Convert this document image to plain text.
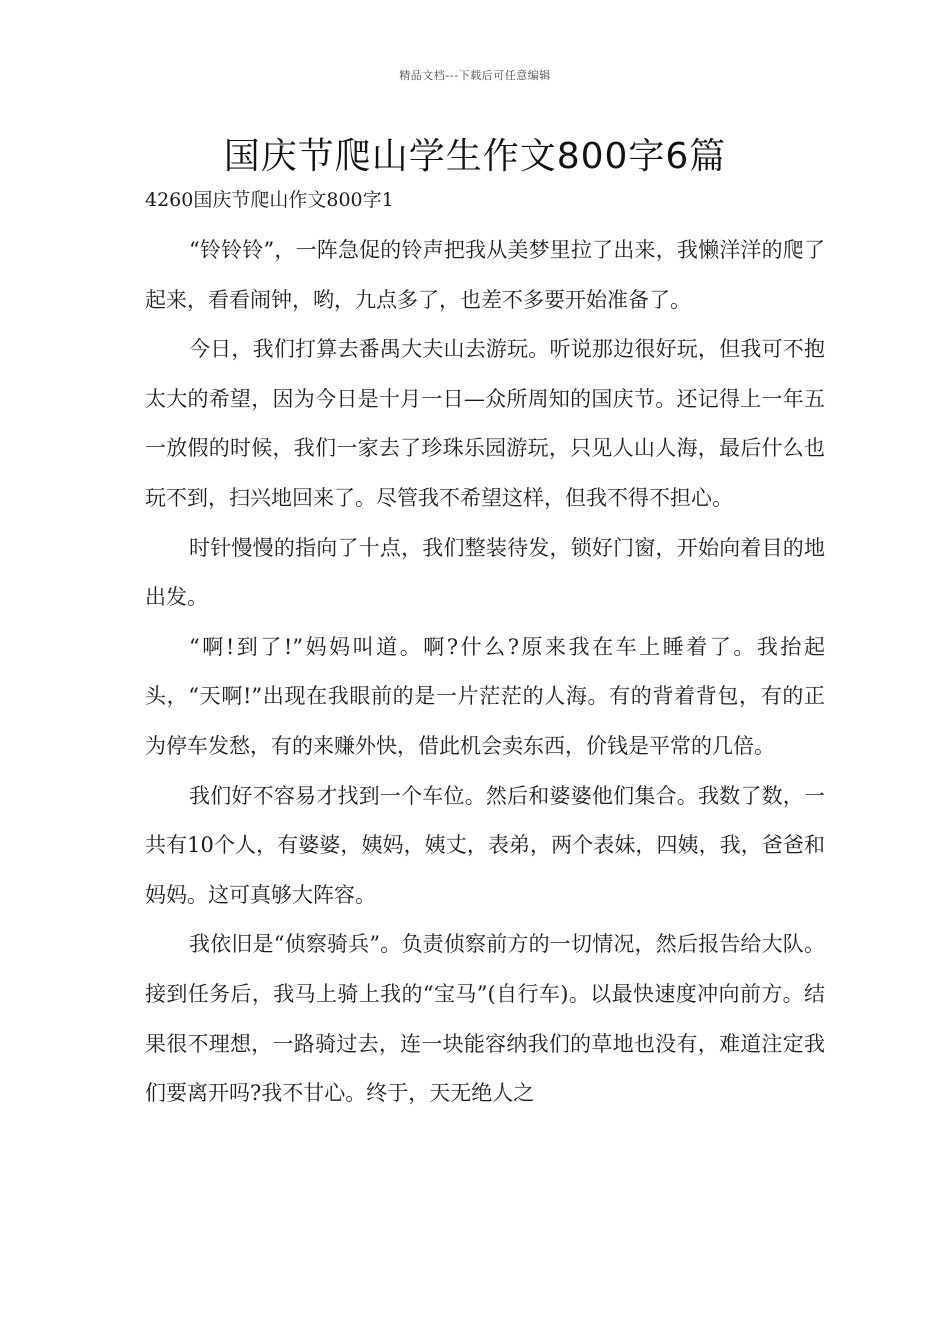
精品文档---下载后可任意编辑
国庆节爬山学生作文800字6篇

4260国庆节爬山作文800字1

“铃铃铃”，一阵急促的铃声把我从美梦里拉了出来，我懒洋洋的爬了起来，看看闹钟，哟，九点多了，也差不多要开始准备了。

今日，我们打算去番禺大夫山去游玩。听说那边很好玩，但我可不抱太大的希望，因为今日是十月一日—众所周知的国庆节。还记得上一年五一放假的时候，我们一家去了珍珠乐园游玩，只见人山人海，最后什么也玩不到，扫兴地回来了。尽管我不希望这样，但我不得不担心。

时针慢慢的指向了十点，我们整装待发，锁好门窗，开始向着目的地出发。

“啊!到了!”妈妈叫道。啊?什么?原来我在车上睡着了。我抬起头，“天啊!”出现在我眼前的是一片茫茫的人海。有的背着背包，有的正为停车发愁，有的来赚外快，借此机会卖东西，价钱是平常的几倍。

我们好不容易才找到一个车位。然后和婆婆他们集合。我数了数，一共有10个人，有婆婆，姨妈，姨丈，表弟，两个表妹，四姨，我，爸爸和妈妈。这可真够大阵容。

我依旧是“侦察骑兵”。负责侦察前方的一切情况，然后报告给大队。接到任务后，我马上骑上我的“宝马”(自行车)。以最快速度冲向前方。结果很不理想，一路骑过去，连一块能容纳我们的草地也没有，难道注定我们要离开吗?我不甘心。终于，天无绝人之
